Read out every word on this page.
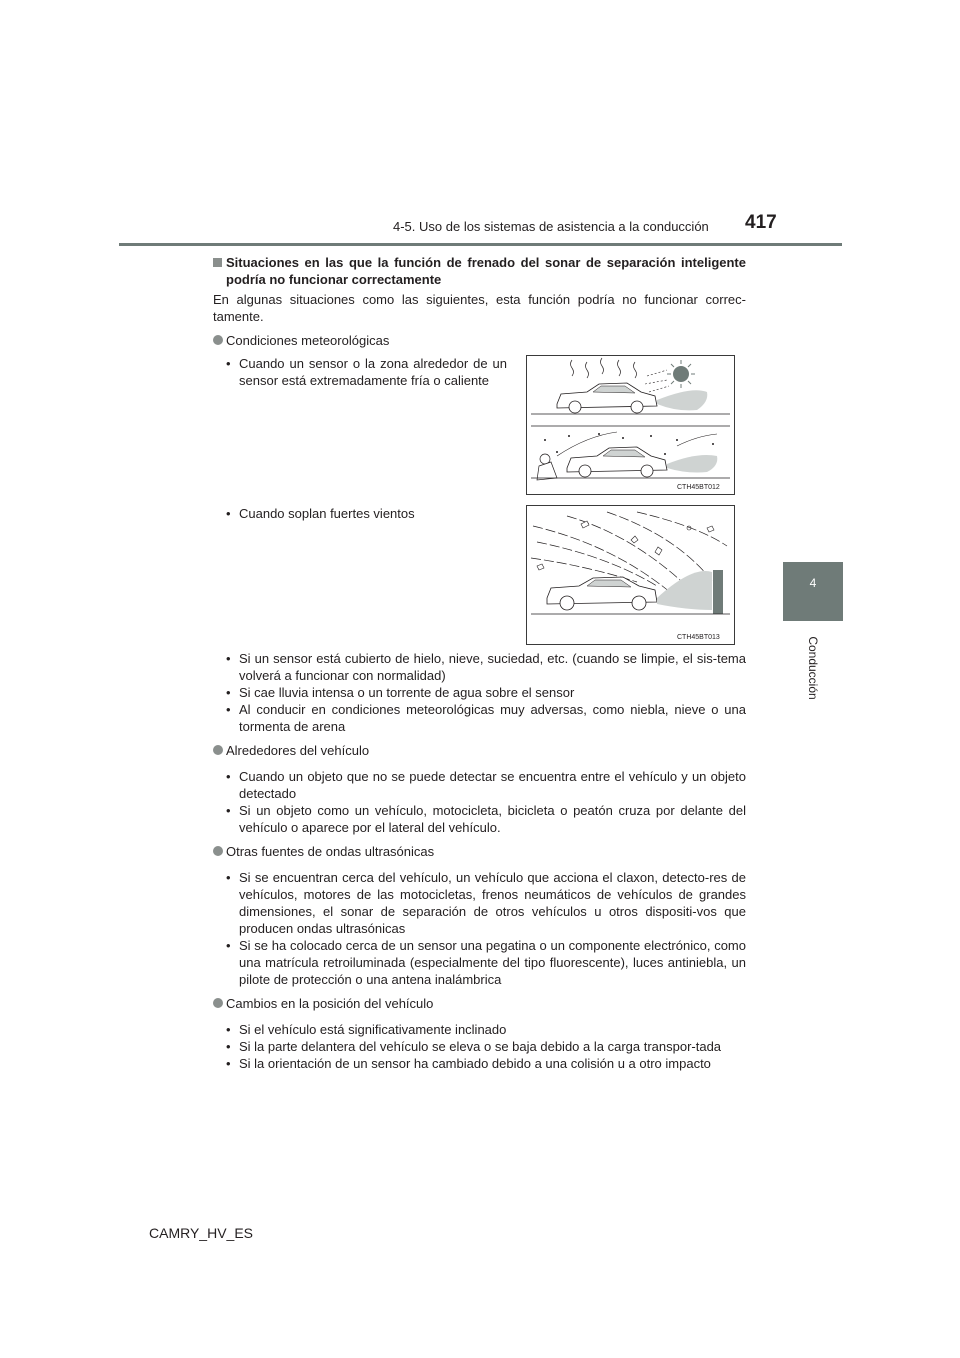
4-5. Uso de los sistemas de asistencia a la conducción 417
4
Conducción
Situaciones en las que la función de frenado del sonar de separación inteligente podría no funcionar correctamente
En algunas situaciones como las siguientes, esta función podría no funcionar correc-tamente.
Condiciones meteorológicas
• Cuando un sensor o la zona alrededor de un sensor está extremadamente fría o caliente
CTH45BT012
• Cuando soplan fuertes vientos
CTH45BT013
• Si un sensor está cubierto de hielo, nieve, suciedad, etc. (cuando se limpie, el sis-tema volverá a funcionar con normalidad)
• Si cae lluvia intensa o un torrente de agua sobre el sensor
• Al conducir en condiciones meteorológicas muy adversas, como niebla, nieve o una tormenta de arena
Alrededores del vehículo
• Cuando un objeto que no se puede detectar se encuentra entre el vehículo y un objeto detectado
• Si un objeto como un vehículo, motocicleta, bicicleta o peatón cruza por delante del vehículo o aparece por el lateral del vehículo.
Otras fuentes de ondas ultrasónicas
• Si se encuentran cerca del vehículo, un vehículo que acciona el claxon, detecto-res de vehículos, motores de las motocicletas, frenos neumáticos de vehículos de grandes dimensiones, el sonar de separación de otros vehículos u otros dispositi-vos que producen ondas ultrasónicas
• Si se ha colocado cerca de un sensor una pegatina o un componente electrónico, como una matrícula retroiluminada (especialmente del tipo fluorescente), luces antiniebla, un pilote de protección o una antena inalámbrica
Cambios en la posición del vehículo
• Si el vehículo está significativamente inclinado
• Si la parte delantera del vehículo se eleva o se baja debido a la carga transpor-tada
• Si la orientación de un sensor ha cambiado debido a una colisión u a otro impacto
CAMRY_HV_ES
